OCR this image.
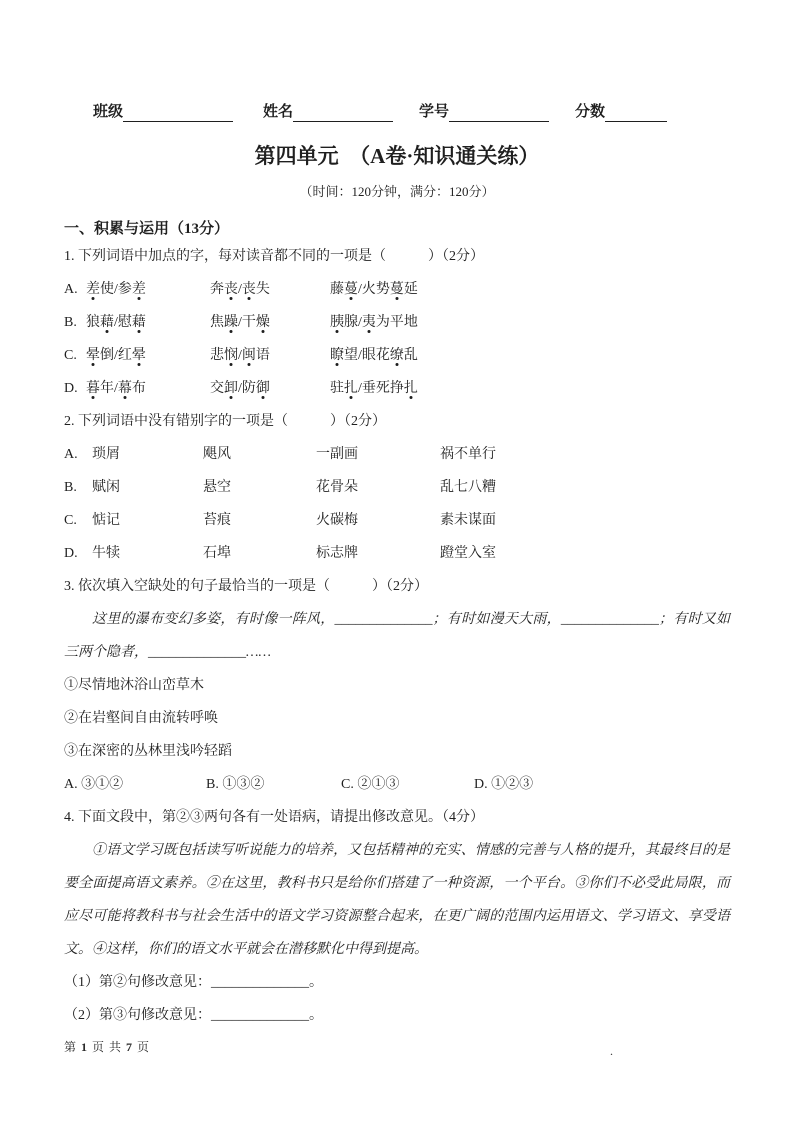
班级	姓名	学号	分数
第四单元　（A卷·知识通关练）
（时间：120分钟，满分：120分）
一、积累与运用（13分）

1. 下列词语中加点的字，每对读音都不同的一项是（　　　）（2分）

A. 差使/参差	奔丧/丧失	藤蔓/火势蔓延
B. 狼藉/慰藉	焦躁/干燥	胰腺/夷为平地
C. 晕倒/红晕	悲悯/闽语	瞭望/眼花缭乱
D. 暮年/幕布	交卸/防御	驻扎/垂死挣扎

2. 下列词语中没有错别字的一项是（　　　）（2分）

A.	琐屑	飓风	一副画	祸不单行
B.	赋闲	悬空	花骨朵	乱七八糟
C.	惦记	苔痕	火碳梅	素未谋面
D.	牛犊	石埠	标志牌	蹬堂入室

3. 依次填入空缺处的句子最恰当的一项是（　　　）（2分）

这里的瀑布变幻多姿，有时像一阵风，______________；有时如漫天大雨，______________；有时又如三两个隐者，______________……

①尽情地沐浴山峦草木

②在岩壑间自由流转呼唤

③在深密的丛林里浅吟轻蹈

A. ③①②	B. ①③②	C. ②①③	D. ①②③

4. 下面文段中，第②③两句各有一处语病，请提出修改意见。（4分）

①语文学习既包括读写听说能力的培养，又包括精神的充实、情感的完善与人格的提升，其最终目的是要全面提高语文素养。②在这里，教科书只是给你们搭建了一种资源，一个平台。③你们不必受此局限，而应尽可能将教科书与社会生活中的语文学习资源整合起来，在更广阔的范围内运用语文、学习语文、享受语文。④这样，你们的语文水平就会在潜移默化中得到提高。

（1）第②句修改意见：______________。

（2）第③句修改意见：______________。

第 1 页 共 7 页	.
